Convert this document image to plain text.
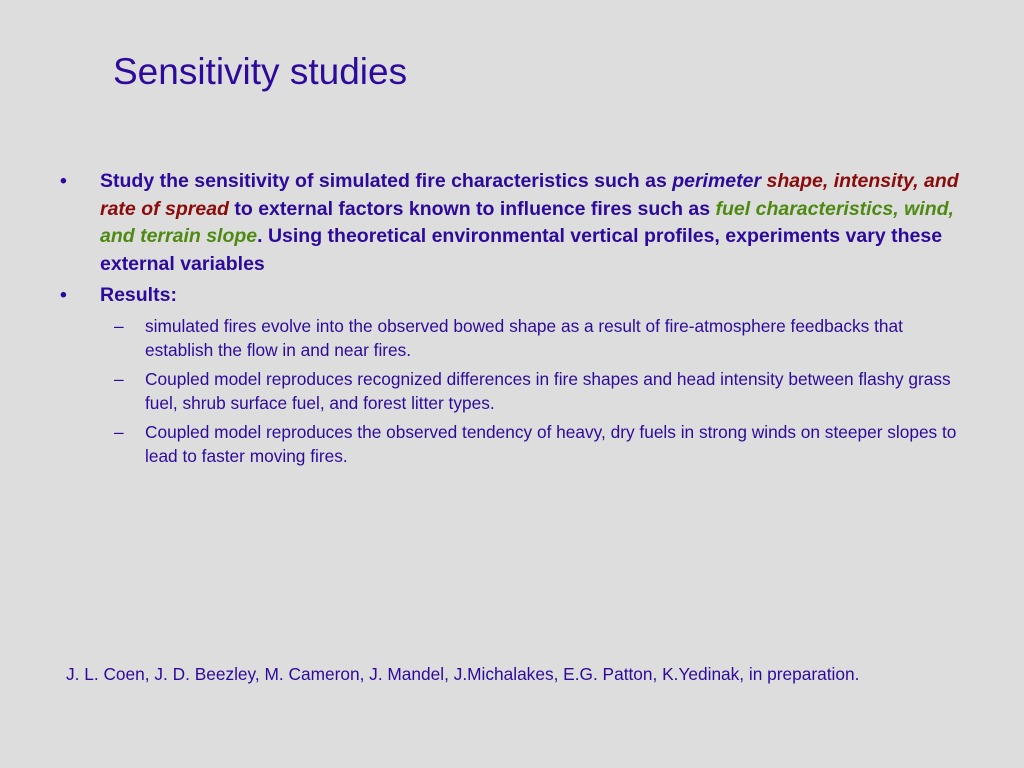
Sensitivity studies
• Study the sensitivity of simulated fire characteristics such as perimeter shape, intensity, and rate of spread to external factors known to influence fires such as fuel characteristics, wind, and terrain slope. Using theoretical environmental vertical profiles, experiments vary these external variables
• Results:
– simulated fires evolve into the observed bowed shape as a result of fire-atmosphere feedbacks that establish the flow in and near fires.
– Coupled model reproduces recognized differences in fire shapes and head intensity between flashy grass fuel, shrub surface fuel, and forest litter types.
– Coupled model reproduces the observed tendency of heavy, dry fuels in strong winds on steeper slopes to lead to faster moving fires.
J. L. Coen, J. D. Beezley, M. Cameron, J. Mandel, J.Michalakes, E.G. Patton, K.Yedinak, in preparation.
